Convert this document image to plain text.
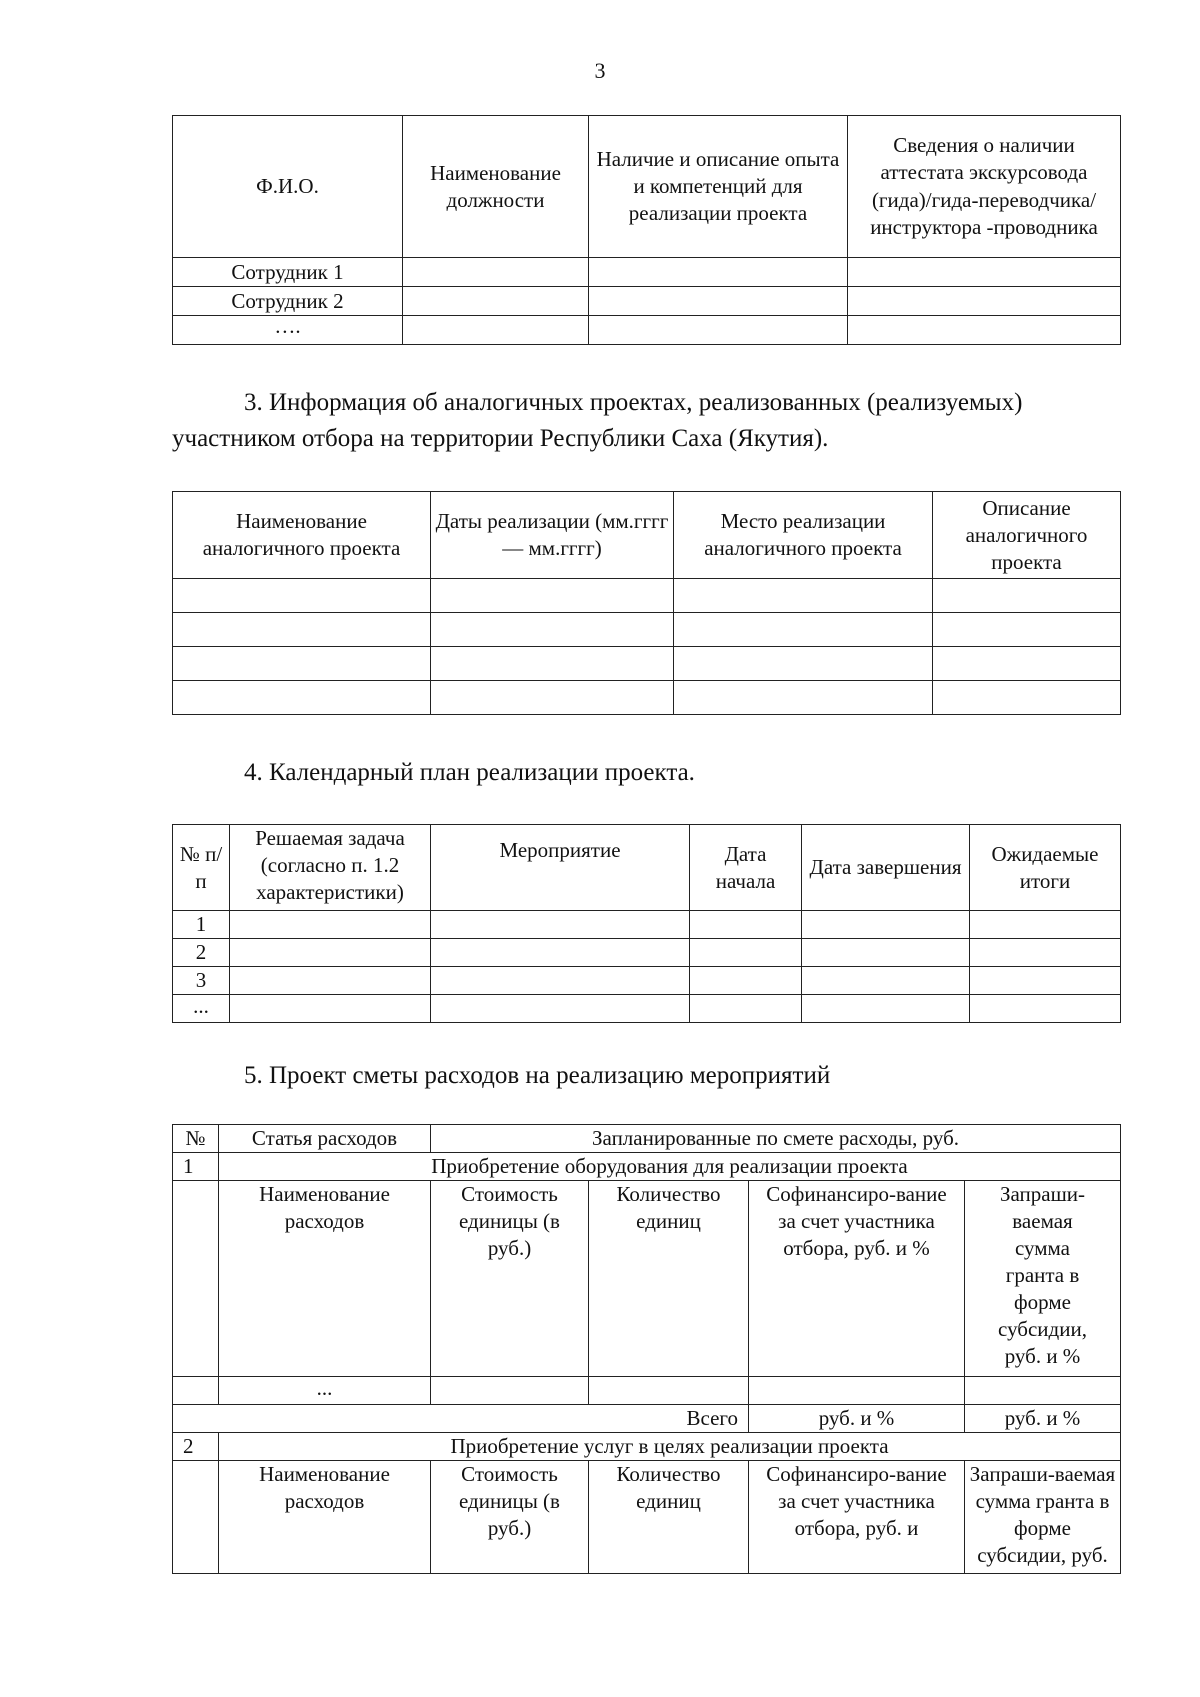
3
Ф.И.О.	Наименование должности	Наличие и описание опыта и компетенций для реализации проекта	Сведения о наличии аттестата экскурсовода (гида)/гида-переводчика/инструктора -проводника
Сотрудник 1			
Сотрудник 2			
….			
3. Информация об аналогичных проектах, реализованных (реализуемых)
участником отбора на территории Республики Саха (Якутия).
Наименование аналогичного проекта	Даты реализации (мм.гггг — мм.гггг)	Место реализации аналогичного проекта	Описание аналогичного проекта

4. Календарный план реализации проекта.
№ п/п	Решаемая задача (согласно п. 1.2 характеристики)	Мероприятие	Дата начала	Дата завершения	Ожидаемые итоги
1					
2					
3					
...					
5. Проект сметы расходов на реализацию мероприятий
№	Статья расходов	Запланированные по смете расходы, руб.			
1	Приобретение оборудования для реализации проекта				
	Наименование расходов	Стоимость единицы (в руб.)	Количество единиц	Софинансиро-вание за счет участника отбора, руб. и %	Запраши-ваемая сумма гранта в форме субсидии, руб. и %
	...				
Всего				руб. и %	руб. и %
2	Приобретение услуг в целях реализации проекта				
	Наименование расходов	Стоимость единицы (в руб.)	Количество единиц	Софинансиро-вание за счет участника отбора, руб. и	Запраши-ваемая сумма гранта в форме субсидии, руб.
